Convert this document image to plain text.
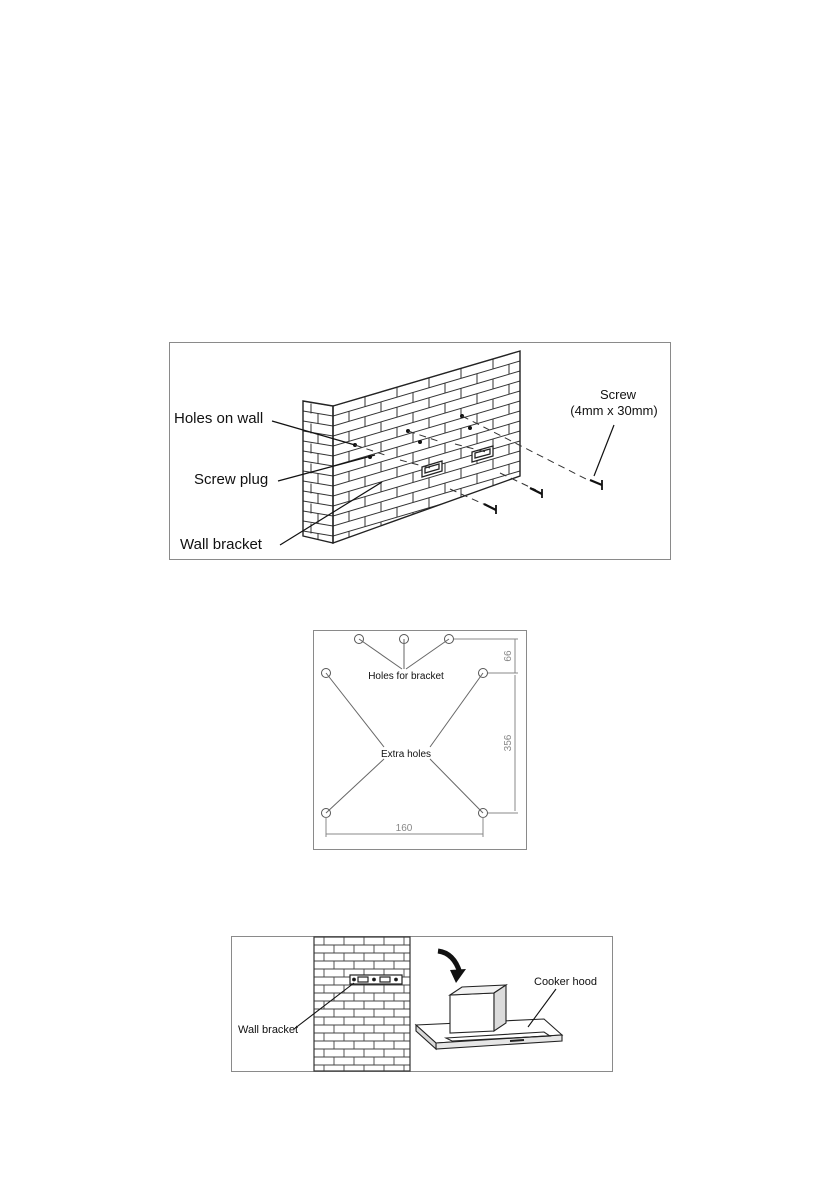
Holes on wall
Screw plug
Wall bracket
Screw
(4mm x 30mm)
Holes for bracket
Extra holes
66
356
160
Wall bracket
Cooker hood
